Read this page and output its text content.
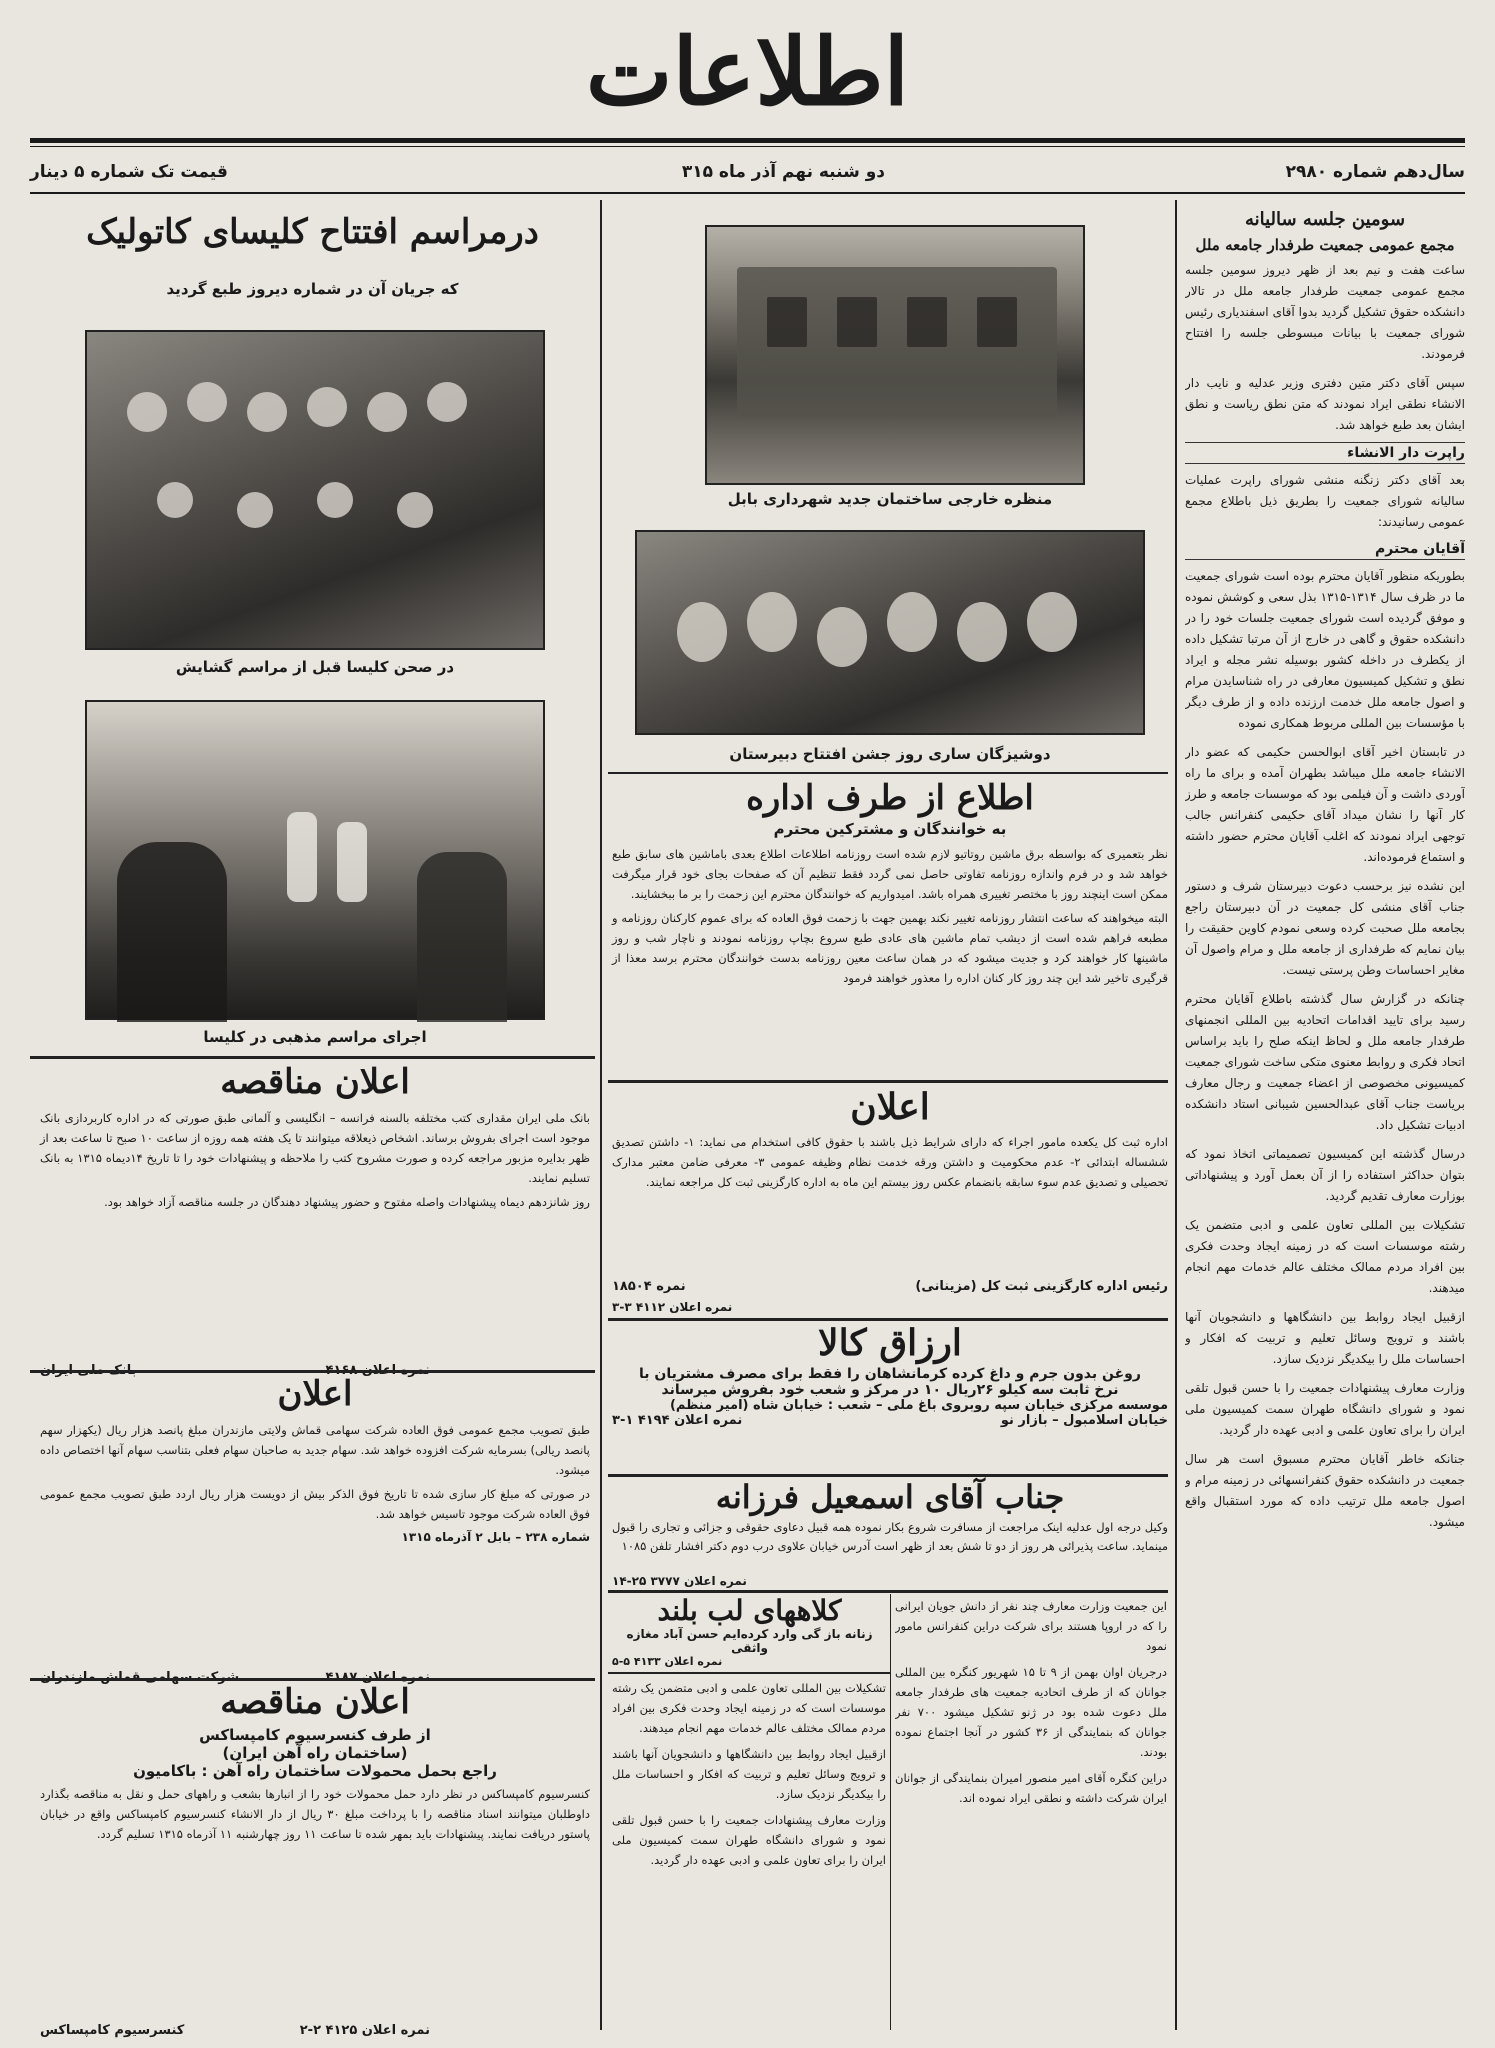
اطلاعات
سال‌دهم شماره ۲۹۸۰
دو شنبه نهم آذر ماه ۳۱۵
قیمت تک شماره ۵ دینار
سومین جلسه سالیانه
مجمع عمومی جمعیت طرفدار جامعه ملل
ساعت هفت و نیم بعد از ظهر دیروز سومین جلسه مجمع عمومی جمعیت طرفدار جامعه ملل در تالار دانشکده حقوق تشکیل گردید بدوا آقای اسفندیاری رئیس شورای جمعیت با بیانات مبسوطی جلسه را افتتاح فرمودند.
سپس آقای دکتر متین دفتری وزیر عدلیه و نایب دار الانشاء نطقی ایراد نمودند که متن نطق ریاست و نطق ایشان بعد طبع خواهد شد.
راپرت دار الانشاء
بعد آقای دکتر زنگنه منشی شورای راپرت عملیات سالیانه شورای جمعیت را بطریق ذیل باطلاع مجمع عمومی رسانیدند:
آقایان محترم
بطوریکه منظور آقایان محترم بوده است شورای جمعیت ما در ظرف سال ۱۳۱۴-۱۳۱۵ بذل سعی و کوشش نموده و موفق گردیده است شورای جمعیت جلسات خود را در دانشکده حقوق و گاهی در خارج از آن مرتبا تشکیل داده از یکطرف در داخله کشور بوسیله نشر مجله و ایراد نطق و تشکیل کمیسیون معارفی در راه شناسایدن مرام و اصول جامعه ملل خدمت ارزنده داده و از طرف دیگر با مؤسسات بین المللی مربوط همکاری نموده
در تابستان اخیر آقای ابوالحسن حکیمی که عضو دار الانشاء جامعه ملل میباشد بطهران آمده و برای ما راه آوردی داشت و آن فیلمی بود که موسسات جامعه و طرز کار آنها را نشان میداد آقای حکیمی کنفرانس جالب توجهی ایراد نمودند که اغلب آقایان محترم حضور داشته و استماع فرموده‌اند.
این نشده نیز برحسب دعوت دبیرستان شرف و دستور جناب آقای منشی کل جمعیت در آن دبیرستان راجع بجامعه ملل صحبت کرده وسعی نمودم کاوین حقیقت را بیان نمایم که طرفداری از جامعه ملل و مرام واصول آن مغایر احساسات وطن پرستی نیست.
چنانکه در گزارش سال گذشته باطلاع آقایان محترم رسید برای تایید اقدامات اتحادیه بین المللی انجمنهای طرفدار جامعه ملل و لحاظ اینکه صلح را باید براساس اتحاد فکری و روابط معنوی متکی ساخت شورای جمعیت کمیسیونی مخصوصی از اعضاء جمعیت و رجال معارف بریاست جناب آقای عبدالحسین شیبانی استاد دانشکده ادبیات تشکیل داد.
درسال گذشته این کمیسیون تصمیماتی اتخاذ نمود که بتوان حداکثر استفاده را از آن بعمل آورد و پیشنهاداتی بوزارت معارف تقدیم گردید.
تشکیلات بین المللی تعاون علمی و ادبی متضمن یک رشته موسسات است که در زمینه ایجاد وحدت فکری بین افراد مردم ممالک مختلف عالم خدمات مهم انجام میدهند.
ازقبیل ایجاد روابط بین دانشگاهها و دانشجویان آنها باشند و ترویج وسائل تعلیم و تربیت که افکار و احساسات ملل را بیکدیگر نزدیک سازد.
وزارت معارف پیشنهادات جمعیت را با حسن قبول تلقی نمود و شورای دانشگاه طهران سمت کمیسیون ملی ایران را برای تعاون علمی و ادبی عهده دار گردید.
جنانکه خاطر آقایان محترم مسبوق است هر سال جمعیت در دانشکده حقوق کنفرانسهائی در زمینه مرام و اصول جامعه ملل ترتیب داده که مورد استقبال واقع میشود.
منظره خارجی ساختمان جدید شهرداری بابل
دوشیزگان ساری روز جشن افتتاح دبیرستان
اطلاع از طرف اداره
به خوانندگان و مشترکین محترم
نظر بتعمیری که بواسطه برق ماشین روتاتیو لازم شده است روزنامه اطلاعات اطلاع بعدی باماشین های سابق طبع خواهد شد و در فرم واندازه روزنامه تفاوتی حاصل نمی گردد فقط تنظیم آن که صفحات بجای خود قرار میگرفت ممکن است اینچند روز با مختصر تغییری همراه باشد. امیدواریم که خوانندگان محترم این زحمت را بر ما ببخشایند.
البته میخواهند که ساعت انتشار روزنامه تغییر نکند بهمین جهت با زحمت فوق العاده که برای عموم کارکنان روزنامه و مطبعه فراهم شده است از دیشب تمام ماشین های عادی طبع سروع بچاپ روزنامه نمودند و ناچار شب و روز ماشینها کار خواهند کرد و جدیت میشود که در همان ساعت معین روزنامه بدست خوانندگان محترم برسد معذا از قرگیری تاخیر شد این چند روز کار کنان اداره را معذور خواهند فرمود
اعلان
اداره ثبت کل یکعده مامور اجراء که دارای شرایط ذیل باشند با حقوق کافی استخدام می نماید: ۱- داشتن تصدیق ششساله ابتدائی ۲- عدم محکومیت و داشتن ورقه خدمت نظام وظیفه عمومی ۳- معرفی ضامن معتبر مدارک تحصیلی و تصدیق عدم سوء سابقه بانضمام عکس روز بیستم این ماه به اداره کارگزینی ثبت کل مراجعه نمایند.
رئیس اداره کارگزینی ثبت کل (مزینانی)
نمره ۱۸۵۰۴
نمره اعلان ۴۱۱۲ ۳-۳
ارزاق کالا
روغن بدون جرم و داغ کرده کرمانشاهان را فقط برای مصرف مشتریان با
نرخ ثابت سه کیلو ۲۶ریال ۱۰ در مرکز و شعب خود بفروش میرساند
موسسه مرکزی خیابان سپه روبروی باغ ملی – شعب : خیابان شاه (امیر منظم)
خیابان اسلامبول – بازار نو
نمره اعلان ۴۱۹۴ ۱-۳
جناب آقای اسمعیل فرزانه
وکیل درجه اول عدلیه اینک مراجعت از مسافرت شروع بکار نموده همه قبیل دعاوی حقوقی و جزائی و تجاری را قبول مینماید. ساعت پذیرائی هر روز از دو تا شش بعد از ظهر است آدرس خیابان علاوی درب دوم دکتر افشار تلفن ۱۰۸۵
نمره اعلان ۳۷۷۷ ۲۵-۱۴
کلاههای لب بلند
زنانه باز گی وارد کرده‌ایم حسن آباد مغازه واثقی
نمره اعلان ۴۱۳۳ ۵-۵
این جمعیت وزارت معارف چند نفر از دانش جویان ایرانی را که در اروپا هستند برای شرکت دراین کنفرانس مامور نمود
درجریان اوان بهمن از ۹ تا ۱۵ شهریور کنگره بین المللی جوانان که از طرف اتحادیه جمعیت های طرفدار جامعه ملل دعوت شده بود در ژنو تشکیل میشود ۷۰۰ نفر جوانان که بنمایندگی از ۳۶ کشور در آنجا اجتماع نموده بودند.
دراین کنگره آقای امیر منصور امیران بنمایندگی از جوانان ایران شرکت داشته و نطقی ایراد نموده اند.
تشکیلات بین المللی تعاون علمی و ادبی متضمن یک رشته موسسات است که در زمینه ایجاد وحدت فکری بین افراد مردم ممالک مختلف عالم خدمات مهم انجام میدهند.
ازقبیل ایجاد روابط بین دانشگاهها و دانشجویان آنها باشند و ترویج وسائل تعلیم و تربیت که افکار و احساسات ملل را بیکدیگر نزدیک سازد.
وزارت معارف پیشنهادات جمعیت را با حسن قبول تلقی نمود و شورای دانشگاه طهران سمت کمیسیون ملی ایران را برای تعاون علمی و ادبی عهده دار گردید.
درمراسم افتتاح کلیسای کاتولیک
که جریان آن در شماره دیروز طبع گردید
در صحن کلیسا قبل از مراسم گشایش
اجرای مراسم مذهبی در کلیسا
اعلان مناقصه
بانک ملی ایران مقداری کتب مختلفه بالسنه فرانسه – انگلیسی و آلمانی طبق صورتی که در اداره کاربردازی بانک موجود است اجرای بفروش برساند. اشخاص ذیعلاقه میتوانند تا یک هفته همه روزه از ساعت ۱۰ صبح تا ساعت بعد از ظهر بدایره مزبور مراجعه کرده و صورت مشروح کتب را ملاحظه و پیشنهادات خود را تا تاریخ ۱۴دیماه ۱۳۱۵ به بانک تسلیم نمایند.
روز شانزدهم دیماه پیشنهادات واصله مفتوح و حضور پیشنهاد دهندگان در جلسه مناقصه آزاد خواهد بود.
اعلان
طبق تصویب مجمع عمومی فوق العاده شرکت سهامی قماش ولایتی مازندران مبلغ پانصد هزار ریال (یکهزار سهم پانصد ریالی) بسرمایه شرکت افزوده خواهد شد. سهام جدید به صاحبان سهام فعلی بتناسب سهام آنها اختصاص داده میشود.
در صورتی که مبلغ کار سازی شده تا تاریخ فوق الذکر بیش از دویست هزار ریال اردد طبق تصویب مجمع عمومی فوق العاده شرکت موجود تاسیس خواهد شد.
شماره ۲۳۸ – بابل ۲ آذرماه ۱۳۱۵
اعلان مناقصه
از طرف کنسرسیوم کامپساکس
(ساختمان راه آهن ایران)
راجع بحمل محمولات ساختمان راه آهن : باکامیون
کنسرسیوم کامپساکس در نظر دارد حمل محمولات خود را از انبارها بشعب و راههای حمل و نقل به مناقصه بگذارد داوطلبان میتوانند اسناد مناقصه را با پرداخت مبلغ ۳۰ ریال از دار الانشاء کنسرسیوم کامپساکس واقع در خیابان پاستور دریافت نمایند. پیشنهادات باید بمهر شده تا ساعت ۱۱ روز چهارشنبه ۱۱ آذرماه ۱۳۱۵ تسلیم گردد.
نمره اعلان ۴۱۲۵ ۲-۲
کنسرسیوم کامپساکس
